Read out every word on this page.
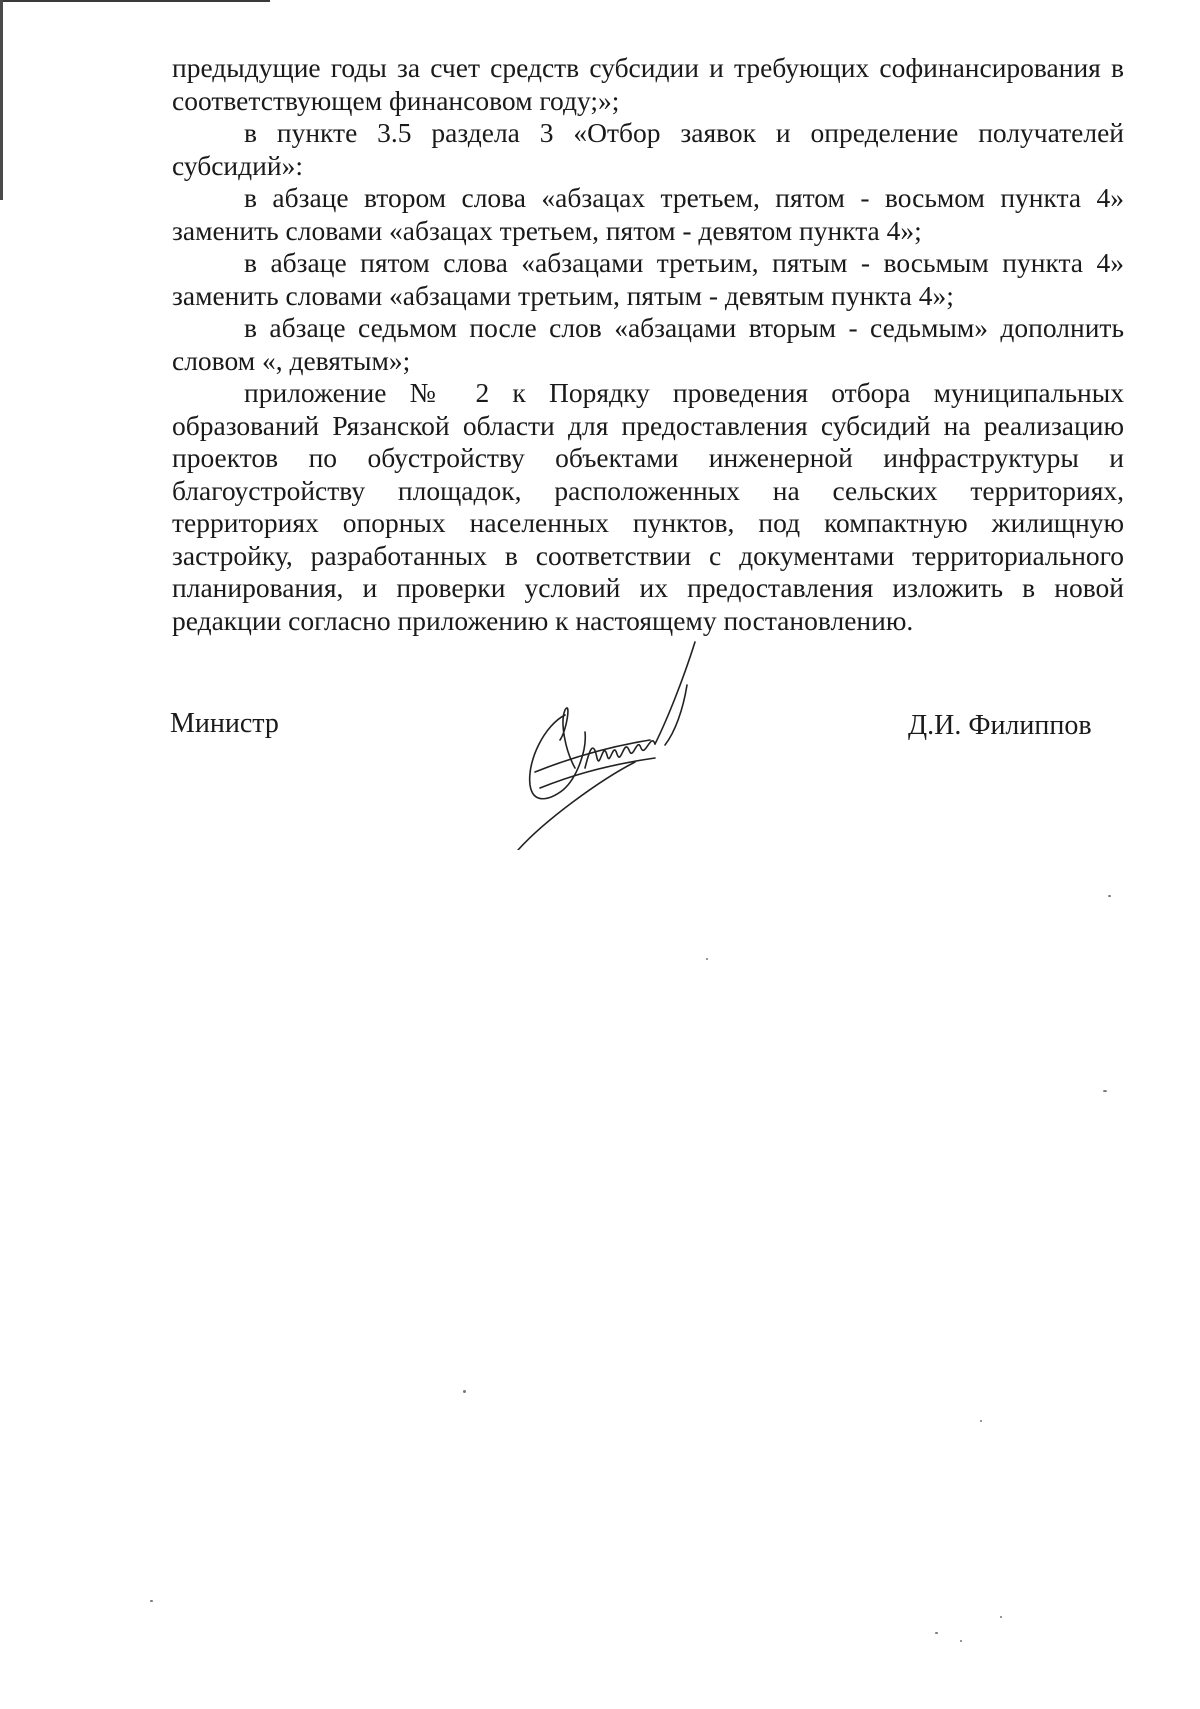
предыдущие годы за счет средств субсидии и требующих софинансирования в соответствующем финансовом году;»;

в пункте 3.5 раздела 3 «Отбор заявок и определение получателей субсидий»:

в абзаце втором слова «абзацах третьем, пятом - восьмом пункта 4» заменить словами «абзацах третьем, пятом - девятом пункта 4»;

в абзаце пятом слова «абзацами третьим, пятым - восьмым пункта 4» заменить словами «абзацами третьим, пятым - девятым пункта 4»;

в абзаце седьмом после слов «абзацами вторым - седьмым» дополнить словом «, девятым»;

приложение № 2 к Порядку проведения отбора муниципальных образований Рязанской области для предоставления субсидий на реализацию проектов по обустройству объектами инженерной инфраструктуры и благоустройству площадок, расположенных на сельских территориях, территориях опорных населенных пунктов, под компактную жилищную застройку, разработанных в соответствии с документами территориального планирования, и проверки условий их предоставления изложить в новой редакции согласно приложению к настоящему постановлению.

Министр	Д.И. Филиппов
